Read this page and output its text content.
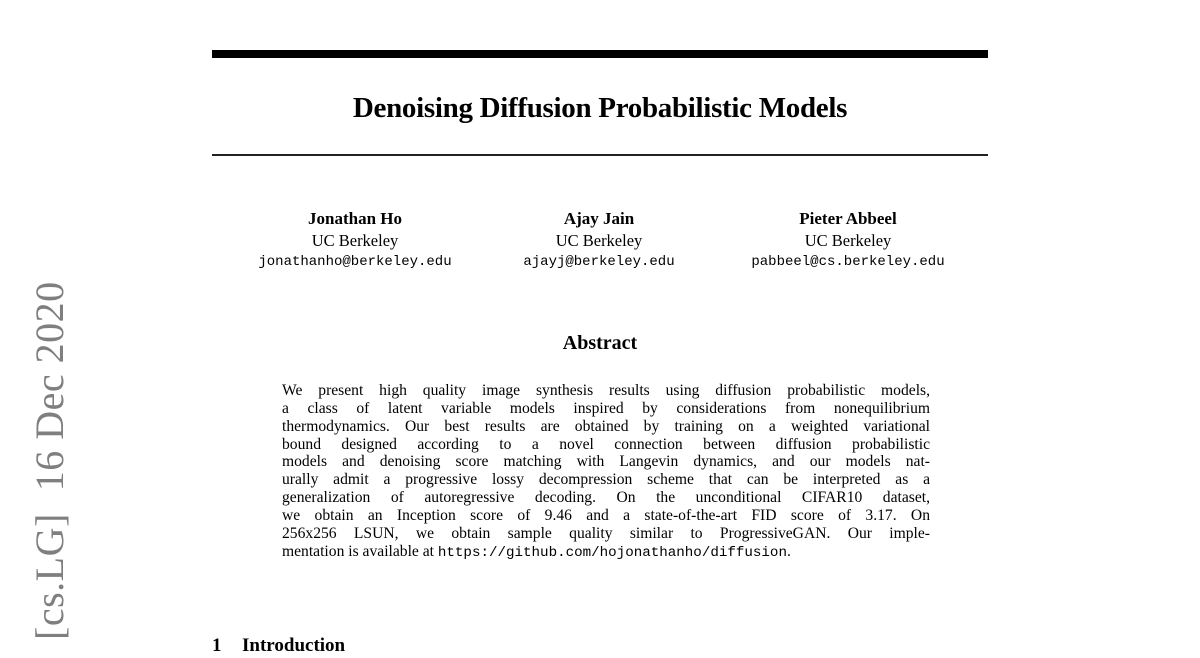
[cs.LG]16 Dec 2020
Denoising Diffusion Probabilistic Models
Jonathan Ho
UC Berkeley
jonathanho@berkeley.edu
Ajay Jain
UC Berkeley
ajayj@berkeley.edu
Pieter Abbeel
UC Berkeley
pabbeel@cs.berkeley.edu
Abstract
We present high quality image synthesis results using diffusion probabilistic models,
a class of latent variable models inspired by considerations from nonequilibrium
thermodynamics. Our best results are obtained by training on a weighted variational
bound designed according to a novel connection between diffusion probabilistic
models and denoising score matching with Langevin dynamics, and our models nat-
urally admit a progressive lossy decompression scheme that can be interpreted as a
generalization of autoregressive decoding. On the unconditional CIFAR10 dataset,
we obtain an Inception score of 9.46 and a state-of-the-art FID score of 3.17. On
256x256 LSUN, we obtain sample quality similar to ProgressiveGAN. Our imple-
mentation is available at https://github.com/hojonathanho/diffusion.
1 Introduction
